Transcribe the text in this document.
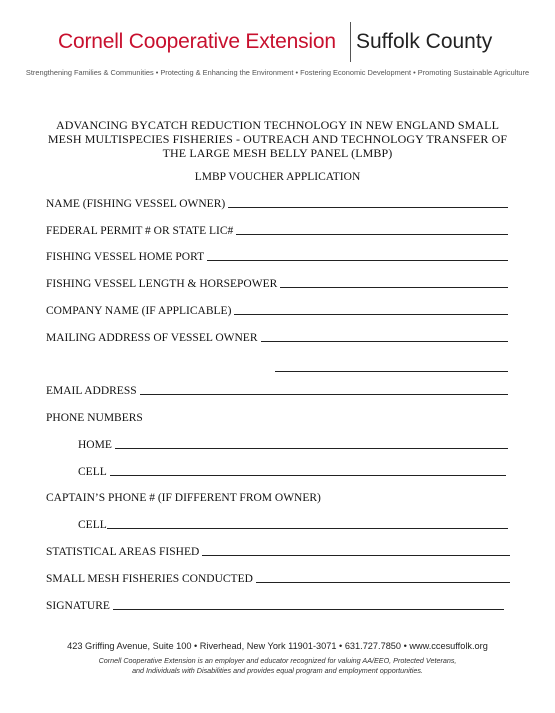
Cornell Cooperative Extension Suffolk County
Strengthening Families & Communities • Protecting & Enhancing the Environment • Fostering Economic Development • Promoting Sustainable Agriculture
ADVANCING BYCATCH REDUCTION TECHNOLOGY IN NEW ENGLAND SMALL
MESH MULTISPECIES FISHERIES - OUTREACH AND TECHNOLOGY TRANSFER OF
THE LARGE MESH BELLY PANEL (LMBP)
LMBP VOUCHER APPLICATION
NAME (FISHING VESSEL OWNER)
FEDERAL PERMIT # OR STATE LIC#
FISHING VESSEL HOME PORT
FISHING VESSEL LENGTH & HORSEPOWER
COMPANY NAME (IF APPLICABLE)
MAILING ADDRESS OF VESSEL OWNER
EMAIL ADDRESS
PHONE NUMBERS
HOME
CELL
CAPTAIN’S PHONE # (IF DIFFERENT FROM OWNER)
CELL
STATISTICAL AREAS FISHED
SMALL MESH FISHERIES CONDUCTED
SIGNATURE
423 Griffing Avenue, Suite 100 • Riverhead, New York 11901-3071 • 631.727.7850 • www.ccesuffolk.org
Cornell Cooperative Extension is an employer and educator recognized for valuing AA/EEO, Protected Veterans,
and Individuals with Disabilities and provides equal program and employment opportunities.
